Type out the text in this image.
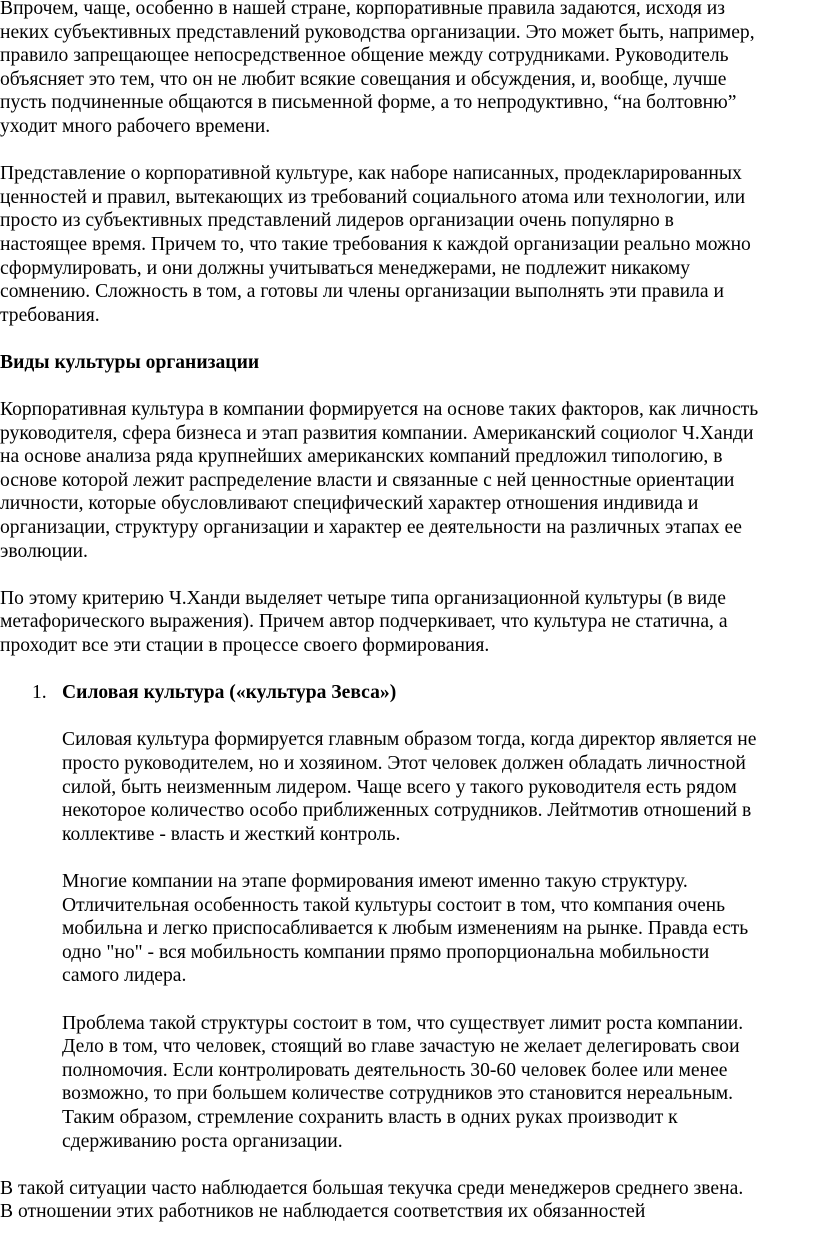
Впрочем, чаще, особенно в нашей стране, корпоративные правила задаются, исходя из
неких субъективных представлений руководства организации. Это может быть, например,
правило запрещающее непосредственное общение между сотрудниками. Руководитель
объясняет это тем, что он не любит всякие совещания и обсуждения, и, вообще, лучше
пусть подчиненные общаются в письменной форме, а то непродуктивно, “на болтовню”
уходит много рабочего времени.

Представление о корпоративной культуре, как наборе написанных, продекларированных
ценностей и правил, вытекающих из требований социального атома или технологии, или
просто из субъективных представлений лидеров организации очень популярно в
настоящее время. Причем то, что такие требования к каждой организации реально можно
сформулировать, и они должны учитываться менеджерами, не подлежит никакому
сомнению. Сложность в том, а готовы ли члены организации выполнять эти правила и
требования.

Виды культуры организации

Корпоративная культура в компании формируется на основе таких факторов, как личность
руководителя, сфера бизнеса и этап развития компании. Американский социолог Ч.Ханди
на основе анализа ряда крупнейших американских компаний предложил типологию, в
основе которой лежит распределение власти и связанные с ней ценностные ориентации
личности, которые обусловливают специфический характер отношения индивида и
организации, структуру организации и характер ее деятельности на различных этапах ее
эволюции.

По этому критерию Ч.Ханди выделяет четыре типа организационной культуры (в виде
метафорического выражения). Причем автор подчеркивает, что культура не статична, а
проходит все эти стации в процессе своего формирования.

1. Силовая культура («культура Зевса»)

Силовая культура формируется главным образом тогда, когда директор является не
просто руководителем, но и хозяином. Этот человек должен обладать личностной
силой, быть неизменным лидером. Чаще всего у такого руководителя есть рядом
некоторое количество особо приближенных сотрудников. Лейтмотив отношений в
коллективе - власть и жесткий контроль.

Многие компании на этапе формирования имеют именно такую структуру.
Отличительная особенность такой культуры состоит в том, что компания очень
мобильна и легко приспосабливается к любым изменениям на рынке. Правда есть
одно "но" - вся мобильность компании прямо пропорциональна мобильности
самого лидера.

Проблема такой структуры состоит в том, что существует лимит роста компании.
Дело в том, что человек, стоящий во главе зачастую не желает делегировать свои
полномочия. Если контролировать деятельность 30-60 человек более или менее
возможно, то при большем количестве сотрудников это становится нереальным.
Таким образом, стремление сохранить власть в одних руках производит к
сдерживанию роста организации.

В такой ситуации часто наблюдается большая текучка среди менеджеров среднего звена.
В отношении этих работников не наблюдается соответствия их обязанностей
